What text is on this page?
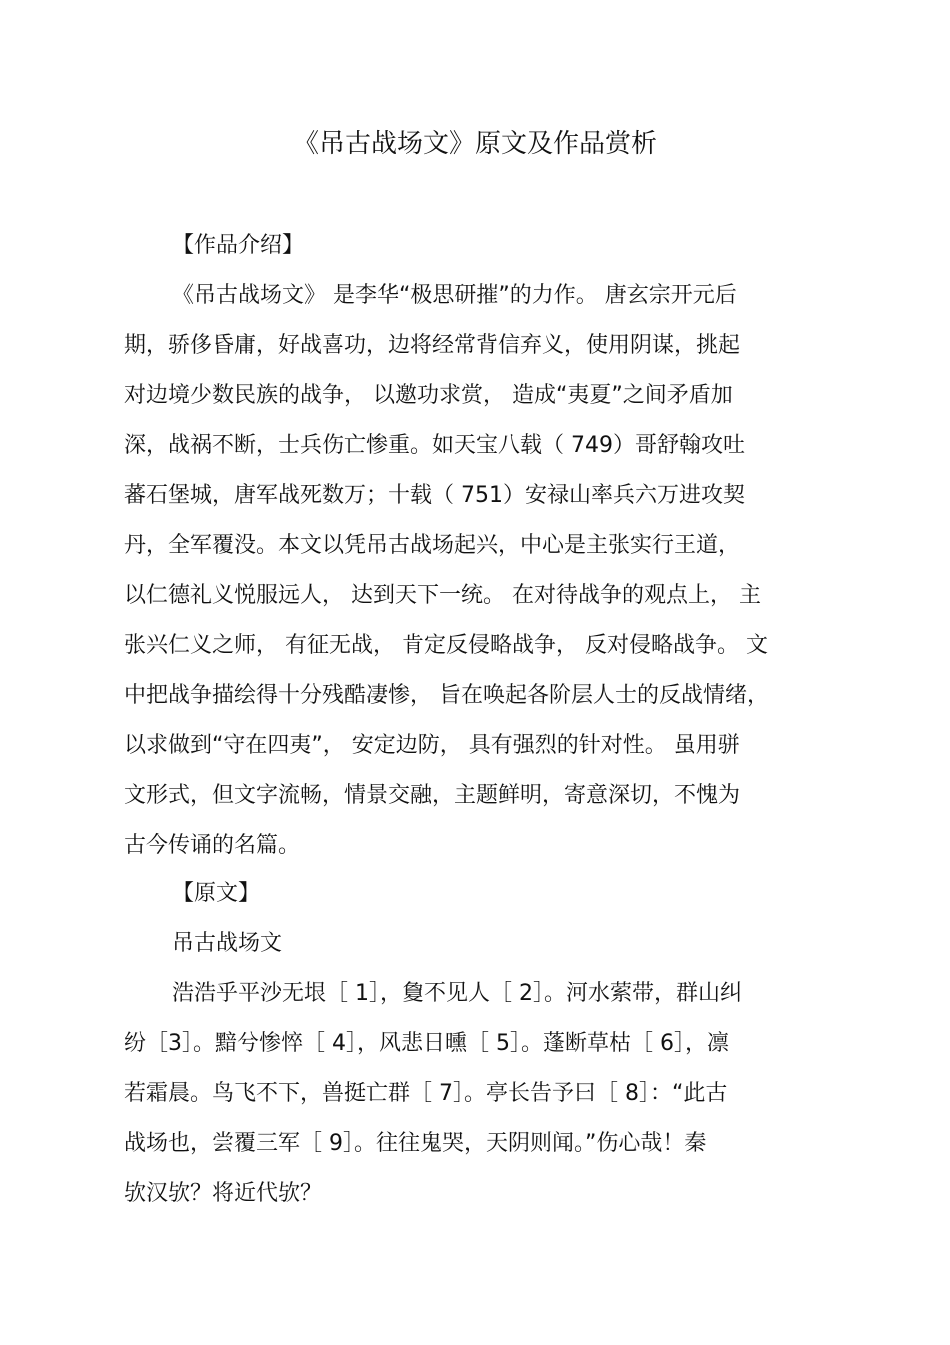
《吊古战场文》原文及作品赏析
【作品介绍】
《吊古战场文》 是李华“极思研摧”的力作。 唐玄宗开元后
期，骄侈昏庸，好战喜功，边将经常背信弃义，使用阴谋，挑起
对边境少数民族的战争， 以邀功求赏， 造成“夷夏”之间矛盾加
深，战祸不断，士兵伤亡惨重。如天宝八载（ 749）哥舒翰攻吐
蕃石堡城，唐军战死数万；十载（ 751）安禄山率兵六万进攻契
丹，全军覆没。本文以凭吊古战场起兴，中心是主张实行王道，
以仁德礼义悦服远人， 达到天下一统。 在对待战争的观点上， 主
张兴仁义之师， 有征无战， 肯定反侵略战争， 反对侵略战争。 文
中把战争描绘得十分残酷凄惨， 旨在唤起各阶层人士的反战情绪，
以求做到“守在四夷”， 安定边防， 具有强烈的针对性。 虽用骈
文形式，但文字流畅，情景交融，主题鲜明，寄意深切，不愧为
古今传诵的名篇。
【原文】
吊古战场文
浩浩乎平沙无垠［ 1］，敻不见人［ 2］。河水萦带，群山纠
纷［3］。黯兮惨悴［ 4］，风悲日曛［ 5］。蓬断草枯［ 6］，凛
若霜晨。鸟飞不下，兽挺亡群［ 7］。亭长告予曰［ 8］：“此古
战场也，尝覆三军［ 9］。往往鬼哭，天阴则闻。”伤心哉！秦
欤汉欤？将近代欤？
